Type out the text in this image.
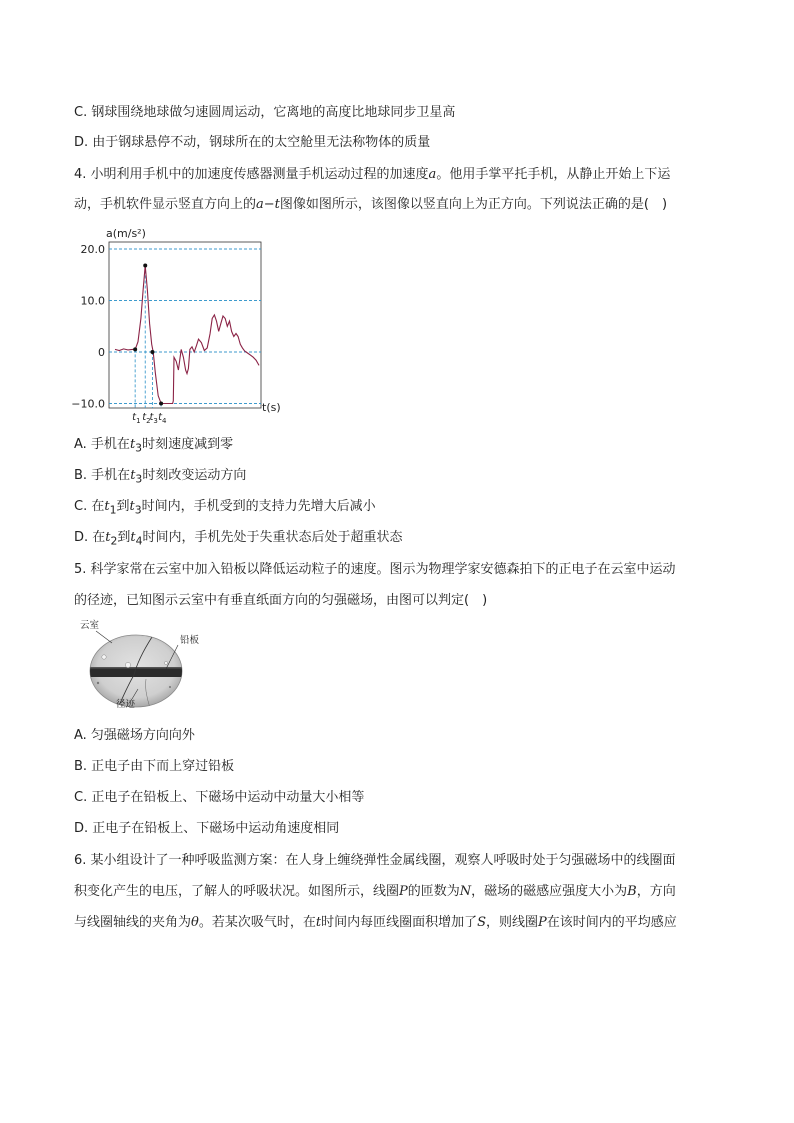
C. 钢球围绕地球做匀速圆周运动，它离地的高度比地球同步卫星高
D. 由于钢球悬停不动，钢球所在的太空舱里无法称物体的质量
4. 小明利用手机中的加速度传感器测量手机运动过程的加速度a。他用手掌平托手机，从静止开始上下运
动，手机软件显示竖直方向上的a−t图像如图所示，该图像以竖直向上为正方向。下列说法正确的是(　)
a(m/s²)
20.0
10.0
0
−10.0
$t_1$ $t_2$
$t_3$ $t_4$
t(s)
A. 手机在$t_3$时刻速度减到零
B. 手机在$t_3$时刻改变运动方向
C. 在$t_1$到$t_3$时间内，手机受到的支持力先增大后减小
D. 在$t_2$到$t_4$时间内，手机先处于失重状态后处于超重状态
5. 科学家常在云室中加入铅板以降低运动粒子的速度。图示为物理学家安德森拍下的正电子在云室中运动
的径迹，已知图示云室中有垂直纸面方向的匀强磁场，由图可以判定(　)
云室
铅板
径迹
A. 匀强磁场方向向外
B. 正电子由下而上穿过铅板
C. 正电子在铅板上、下磁场中运动中动量大小相等
D. 正电子在铅板上、下磁场中运动角速度相同
6. 某小组设计了一种呼吸监测方案：在人身上缠绕弹性金属线圈，观察人呼吸时处于匀强磁场中的线圈面
积变化产生的电压，了解人的呼吸状况。如图所示，线圈P的匝数为N，磁场的磁感应强度大小为B，方向
与线圈轴线的夹角为θ。若某次吸气时，在t时间内每匝线圈面积增加了S，则线圈P在该时间内的平均感应
